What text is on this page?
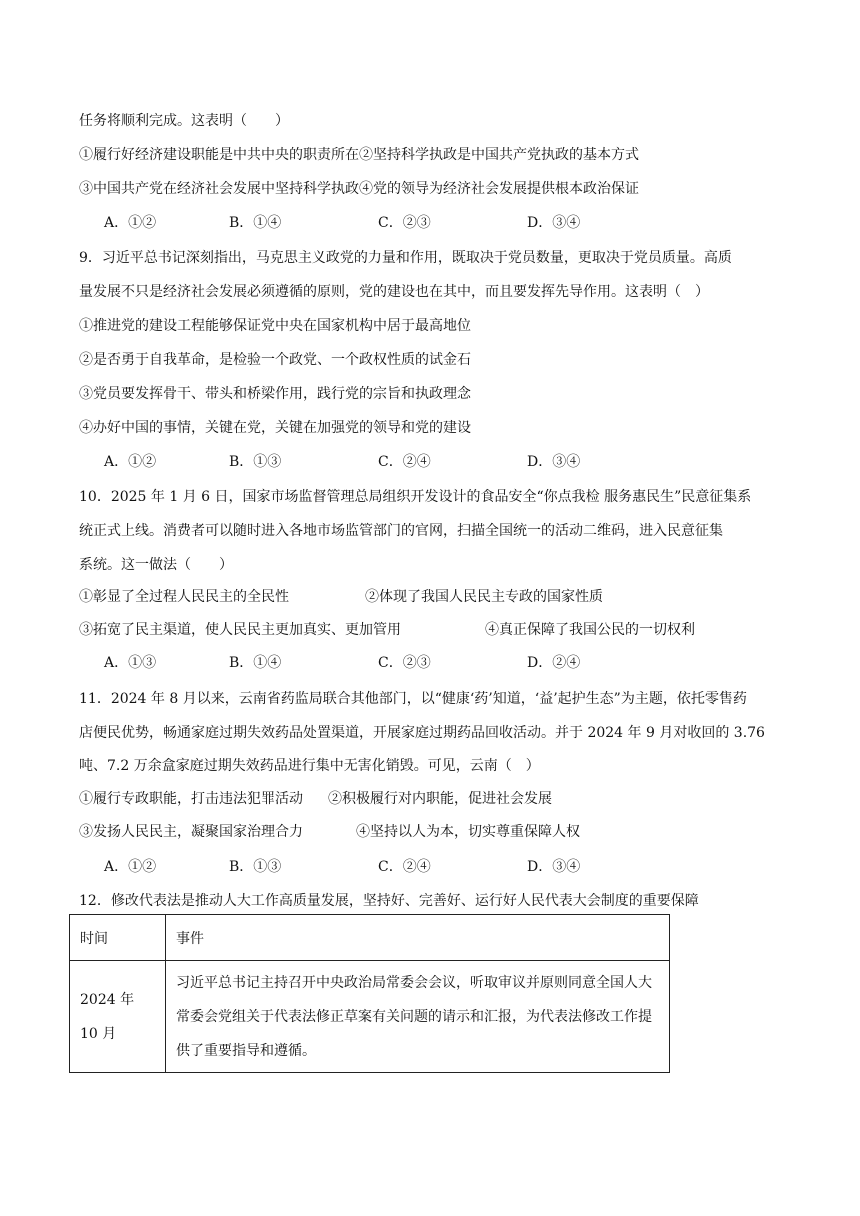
任务将顺利完成。这表明（　　）
①履行好经济建设职能是中共中央的职责所在②坚持科学执政是中国共产党执政的基本方式
③中国共产党在经济社会发展中坚持科学执政④党的领导为经济社会发展提供根本政治保证
A．①②	B．①④	C．②③	D．③④
9．习近平总书记深刻指出，马克思主义政党的力量和作用，既取决于党员数量，更取决于党员质量。高质
量发展不只是经济社会发展必须遵循的原则，党的建设也在其中，而且要发挥先导作用。这表明（　）
①推进党的建设工程能够保证党中央在国家机构中居于最高地位
②是否勇于自我革命，是检验一个政党、一个政权性质的试金石
③党员要发挥骨干、带头和桥梁作用，践行党的宗旨和执政理念
④办好中国的事情，关键在党，关键在加强党的领导和党的建设
A．①②	B．①③	C．②④	D．③④
10．2025 年 1 月 6 日，国家市场监督管理总局组织开发设计的食品安全“你点我检 服务惠民生”民意征集系
统正式上线。消费者可以随时进入各地市场监管部门的官网，扫描全国统一的活动二维码，进入民意征集
系统。这一做法（　　）
①彰显了全过程人民民主的全民性	②体现了我国人民民主专政的国家性质
③拓宽了民主渠道，使人民民主更加真实、更加管用	④真正保障了我国公民的一切权利
A．①③	B．①④	C．②③	D．②④
11．2024 年 8 月以来，云南省药监局联合其他部门，以“健康‘药’知道，‘益’起护生态”为主题，依托零售药
店便民优势，畅通家庭过期失效药品处置渠道，开展家庭过期药品回收活动。并于 2024 年 9 月对收回的 3.76
吨、7.2 万余盒家庭过期失效药品进行集中无害化销毁。可见，云南（　）
①履行专政职能，打击违法犯罪活动 ②积极履行对内职能，促进社会发展
③发扬人民民主，凝聚国家治理合力	④坚持以人为本，切实尊重保障人权
A．①②	B．①③	C．②④	D．③④
12．修改代表法是推动人大工作高质量发展，坚持好、完善好、运行好人民代表大会制度的重要保障
时间	事件

2024 年 10 月	习近平总书记主持召开中央政治局常委会会议，听取审议并原则同意全国人大常委会党组关于代表法修正草案有关问题的请示和汇报，为代表法修改工作提供了重要指导和遵循。
